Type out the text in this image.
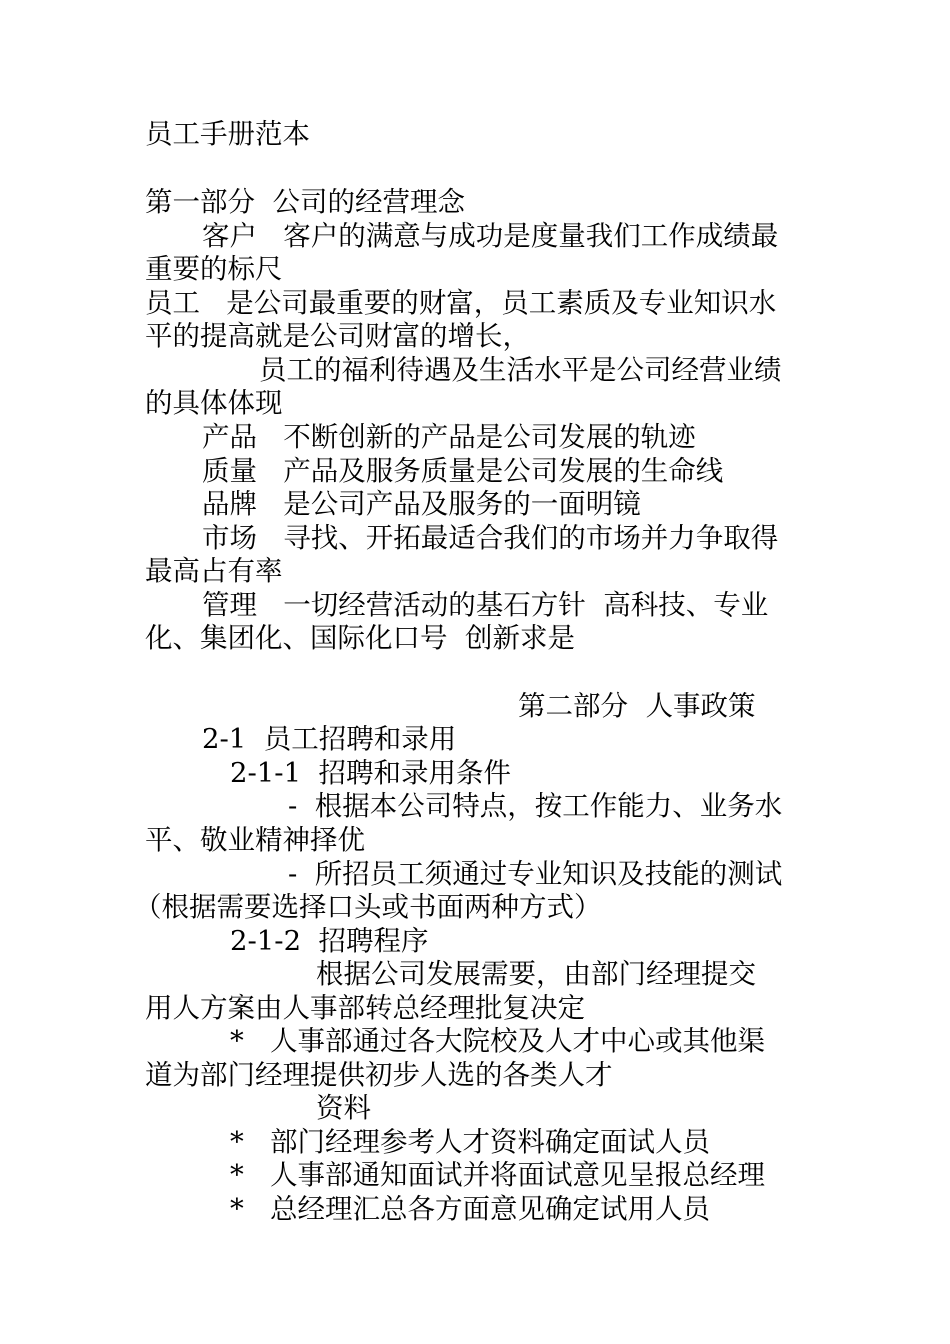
员工手册范本
第一部分  公司的经营理念
客户   客户的满意与成功是度量我们工作成绩最
重要的标尺
员工   是公司最重要的财富，员工素质及专业知识水
平的提高就是公司财富的增长，
员工的福利待遇及生活水平是公司经营业绩
的具体体现
产品   不断创新的产品是公司发展的轨迹
质量   产品及服务质量是公司发展的生命线
品牌   是公司产品及服务的一面明镜
市场   寻找、开拓最适合我们的市场并力争取得
最高占有率
管理   一切经营活动的基石方针  高科技、专业
化、集团化、国际化口号  创新求是
第二部分  人事政策
2-1  员工招聘和录用
2-1-1  招聘和录用条件
-  根据本公司特点，按工作能力、业务水
平、敬业精神择优
-  所招员工须通过专业知识及技能的测试
（根据需要选择口头或书面两种方式）
2-1-2  招聘程序
根据公司发展需要，由部门经理提交
用人方案由人事部转总经理批复决定
*   人事部通过各大院校及人才中心或其他渠
道为部门经理提供初步人选的各类人才
资料
*   部门经理参考人才资料确定面试人员
*   人事部通知面试并将面试意见呈报总经理
*   总经理汇总各方面意见确定试用人员
